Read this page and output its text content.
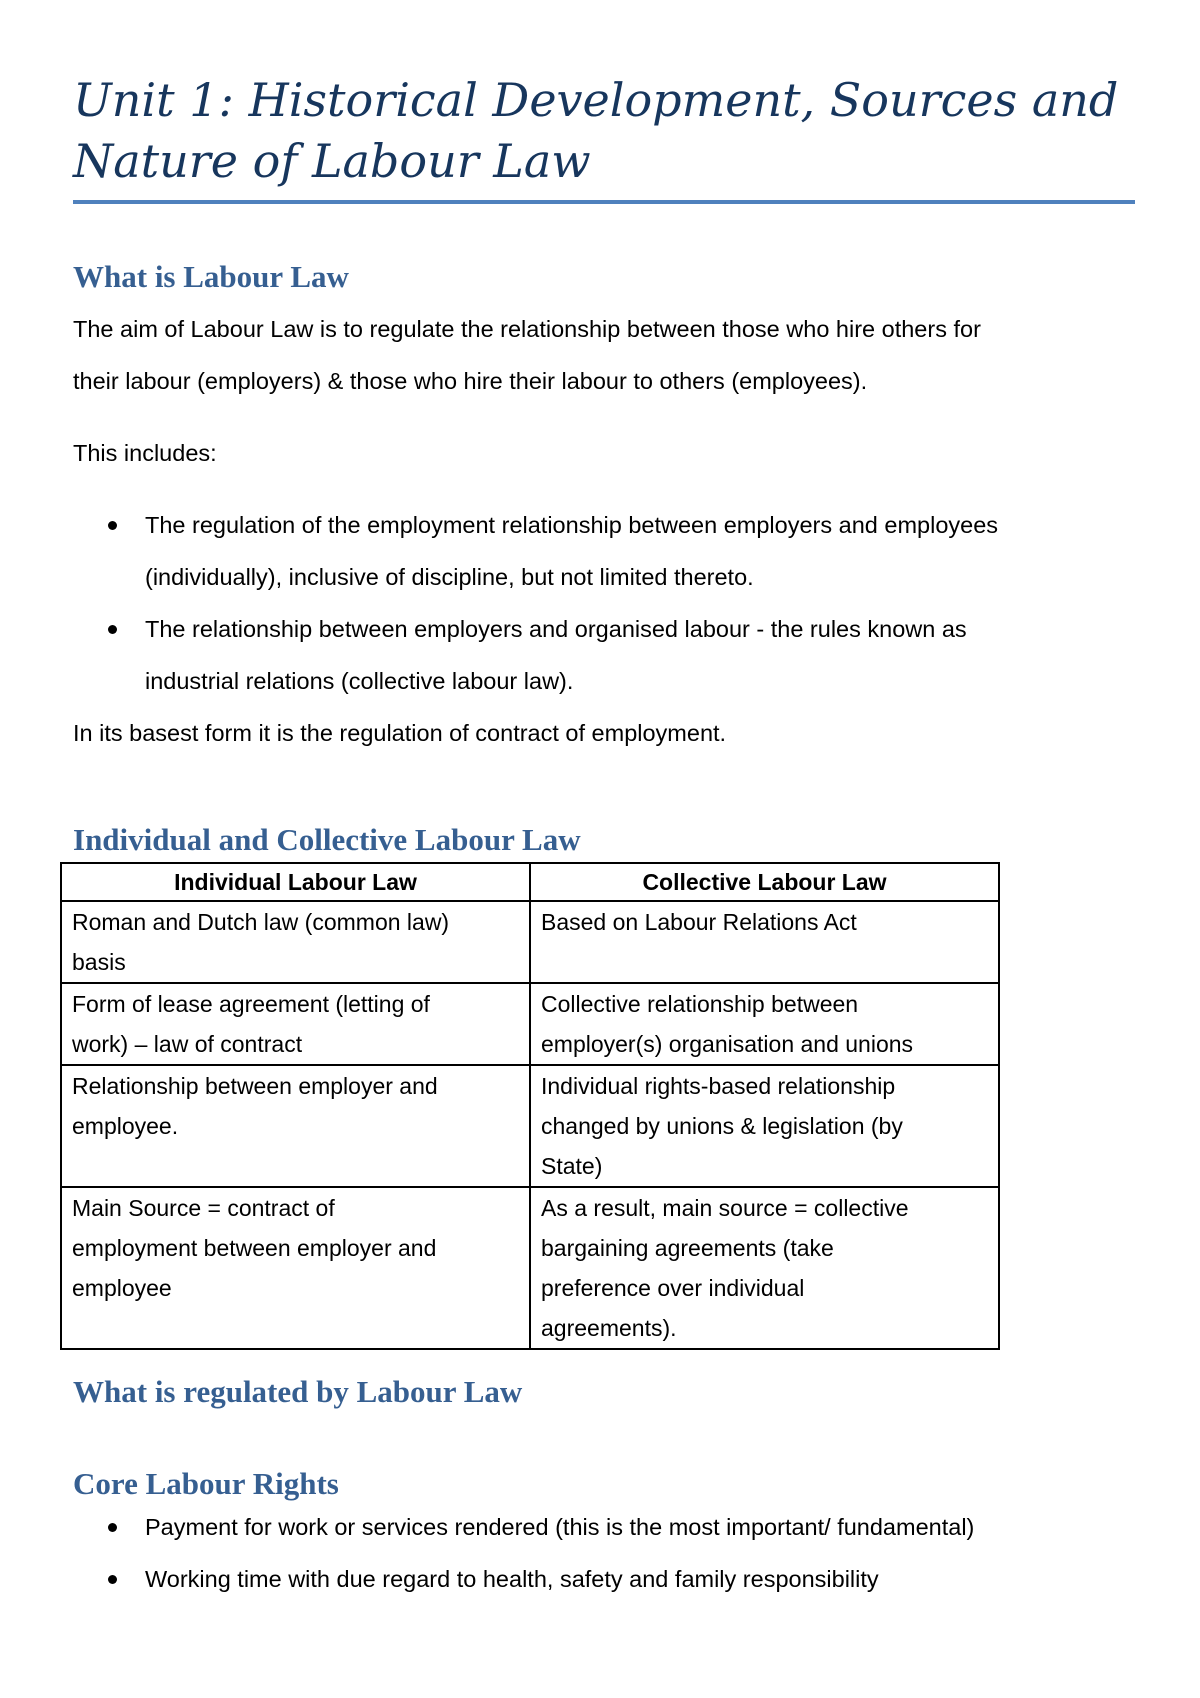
Unit 1: Historical Development, Sources and
Nature of Labour Law
What is Labour Law

The aim of Labour Law is to regulate the relationship between those who hire others for

their labour (employers) & those who hire their labour to others (employees).

This includes:

The regulation of the employment relationship between employers and employees
(individually), inclusive of discipline, but not limited thereto.
The relationship between employers and organised labour - the rules known as
industrial relations (collective labour law).

In its basest form it is the regulation of contract of employment.

Individual and Collective Labour Law
Individual Labour Law	Collective Labour Law
Roman and Dutch law (common law)
basis	Based on Labour Relations Act
Form of lease agreement (letting of
work) – law of contract	Collective relationship between
employer(s) organisation and unions
Relationship between employer and
employee.	Individual rights-based relationship
changed by unions & legislation (by
State)
Main Source = contract of
employment between employer and
employee	As a result, main source = collective
bargaining agreements (take
preference over individual
agreements).
What is regulated by Labour Law
Core Labour Rights
Payment for work or services rendered (this is the most important/ fundamental)
Working time with due regard to health, safety and family responsibility
